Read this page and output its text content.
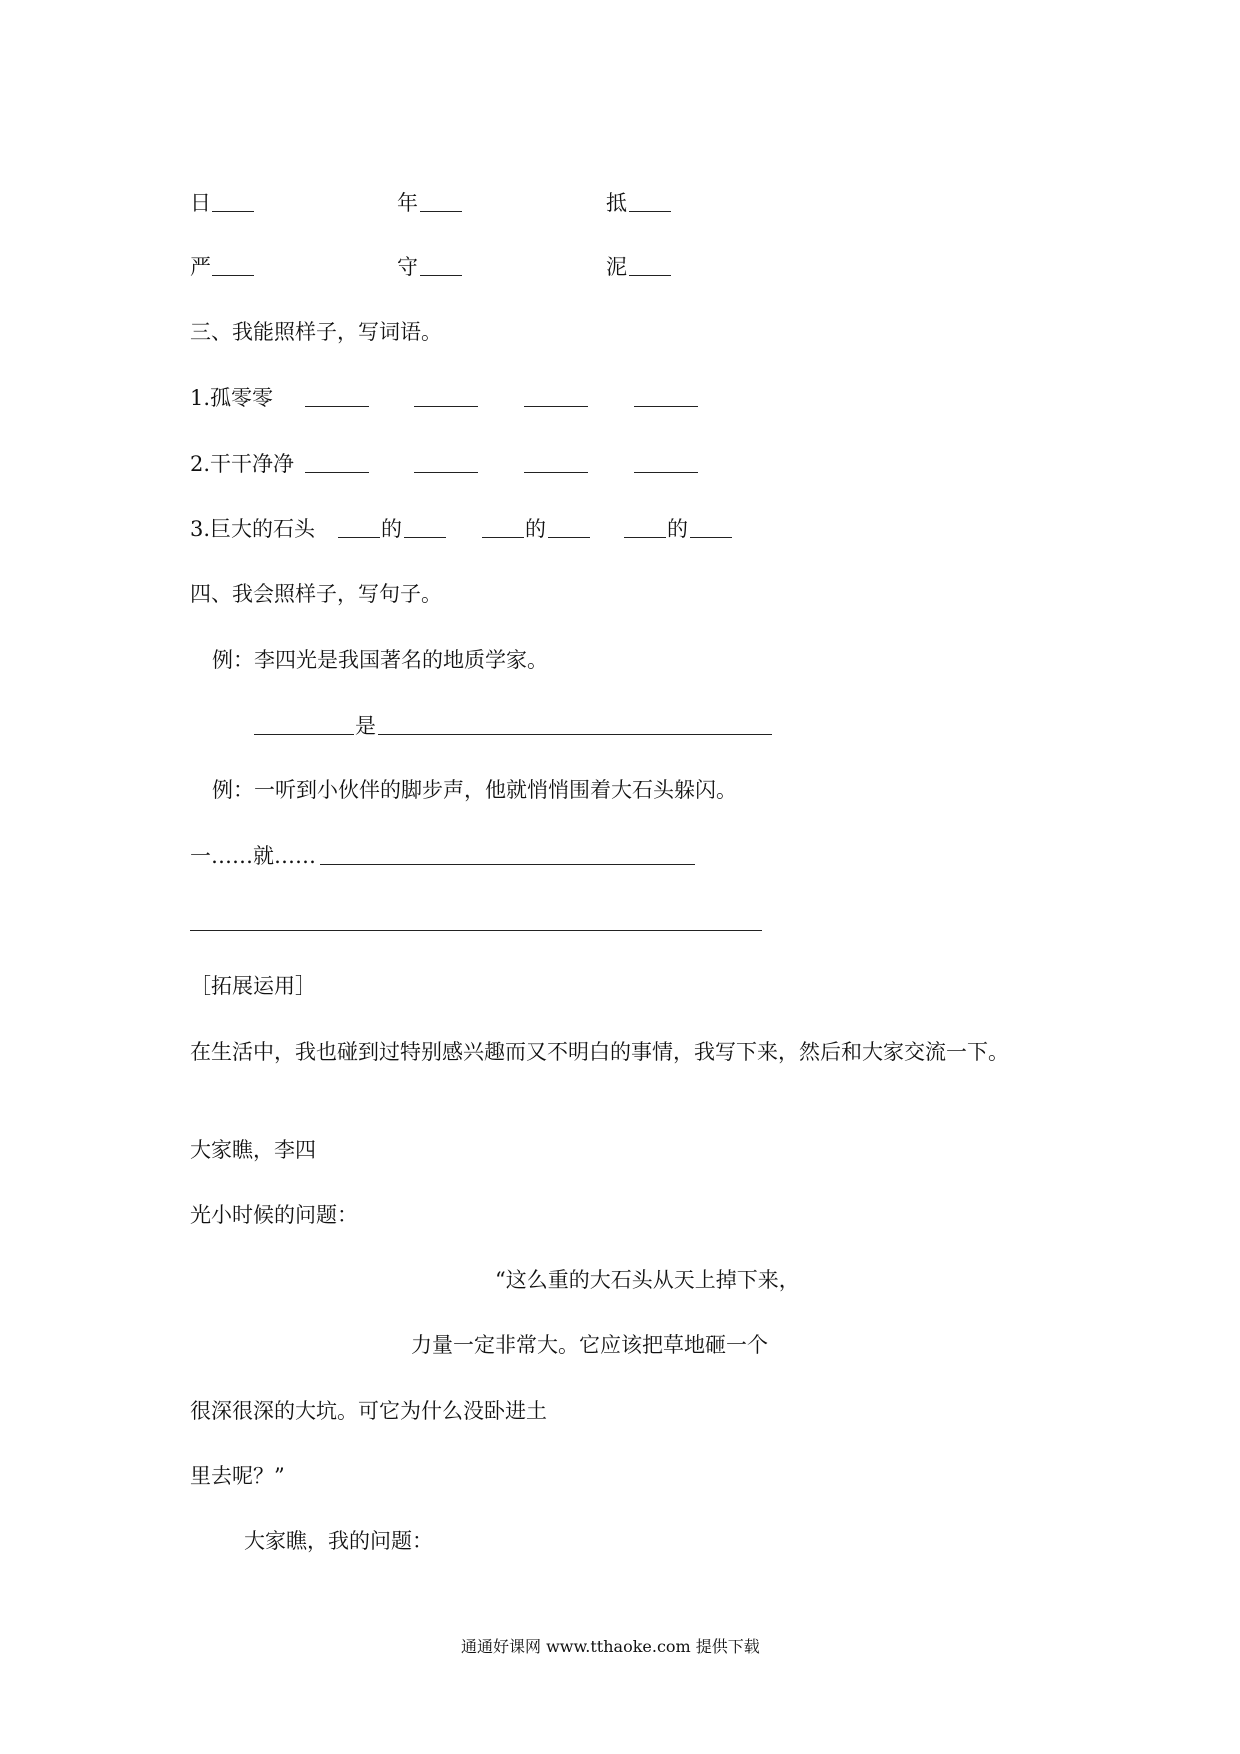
日	年	抵
严	守	泥
三、我能照样子，写词语。
1.孤零零
2.干干净净
3.巨大的石头	的	的	的
四、我会照样子，写句子。
例：李四光是我国著名的地质学家。
是
例：一听到小伙伴的脚步声，他就悄悄围着大石头躲闪。
一……就……
［拓展运用］
在生活中，我也碰到过特别感兴趣而又不明白的事情，我写下来，然后和大家交流一下。
大家瞧，李四
光小时候的问题：
“这么重的大石头从天上掉下来，
力量一定非常大。它应该把草地砸一个
很深很深的大坑。可它为什么没卧进土
里去呢？”
大家瞧，我的问题：
通通好课网 www.tthaoke.com 提供下载
